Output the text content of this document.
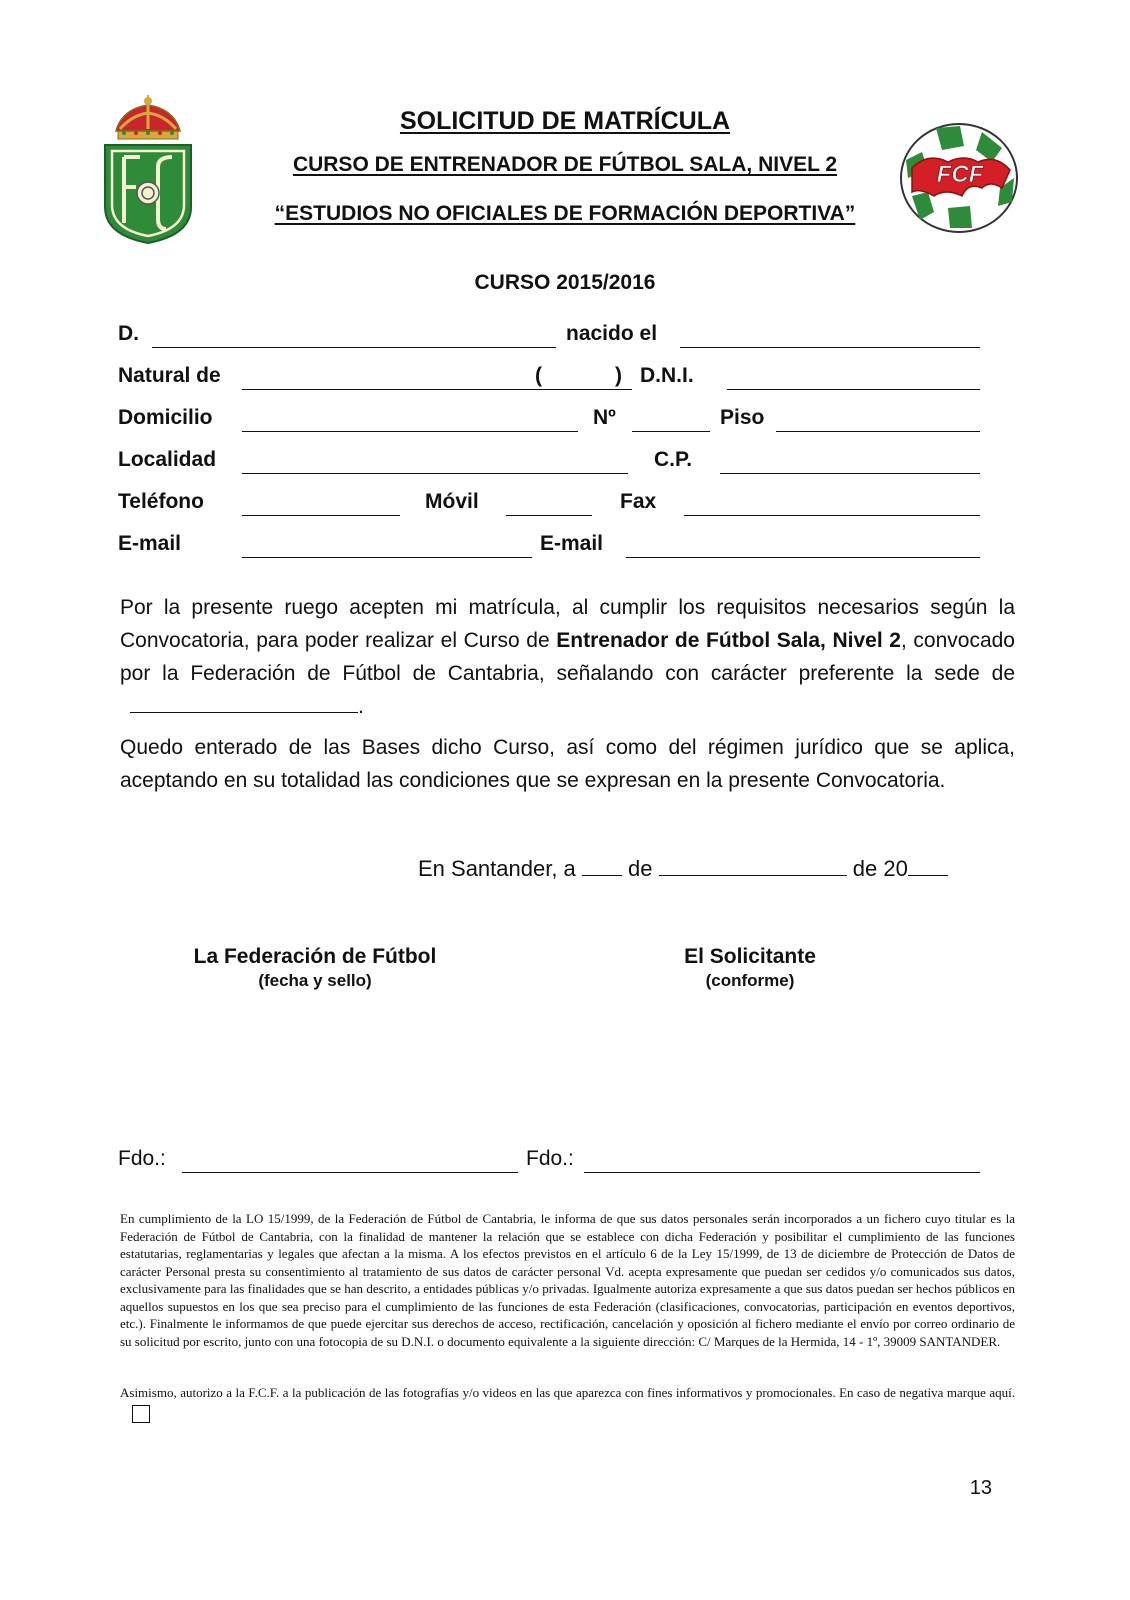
FCF
SOLICITUD DE MATRÍCULA
CURSO DE ENTRENADOR DE FÚTBOL SALA, NIVEL 2
“ESTUDIOS NO OFICIALES DE FORMACIÓN DEPORTIVA”
CURSO 2015/2016
D.	nacido el
Natural de	(	) D.N.I.
Domicilio	Nº	Piso
Localidad	C.P.
Teléfono	Móvil	Fax
E-mail	E-mail
Por la presente ruego acepten mi matrícula, al cumplir los requisitos necesarios según la Convocatoria, para poder realizar el Curso de Entrenador de Fútbol Sala, Nivel 2, convocado por la Federación de Fútbol de Cantabria, señalando con carácter preferente la sede de.
Quedo enterado de las Bases dicho Curso, así como del régimen jurídico que se aplica, aceptando en su totalidad las condiciones que se expresan en la presente Convocatoria.
En Santander, a de	de 20
La Federación de Fútbol
(fecha y sello)
El Solicitante
(conforme)
Fdo.:	Fdo.:
En cumplimiento de la LO 15/1999, de la Federación de Fútbol de Cantabria, le informa de que sus datos personales serán incorporados a un fichero cuyo titular es la Federación de Fútbol de Cantabria, con la finalidad de mantener la relación que se establece con dicha Federación y posibilitar el cumplimiento de las funciones estatutarias, reglamentarias y legales que afectan a la misma. A los efectos previstos en el artículo 6 de la Ley 15/1999, de 13 de diciembre de Protección de Datos de carácter Personal presta su consentimiento al tratamiento de sus datos de carácter personal Vd. acepta expresamente que puedan ser cedidos y/o comunicados sus datos, exclusivamente para las finalidades que se han descrito, a entidades públicas y/o privadas. Igualmente autoriza expresamente a que sus datos puedan ser hechos públicos en aquellos supuestos en los que sea preciso para el cumplimiento de las funciones de esta Federación (clasificaciones, convocatorias, participación en eventos deportivos, etc.). Finalmente le informamos de que puede ejercitar sus derechos de acceso, rectificación, cancelación y oposición al fichero mediante el envío por correo ordinario de su solicitud por escrito, junto con una fotocopia de su D.N.I. o documento equivalente a la siguiente dirección: C/ Marques de la Hermida, 14 - 1º, 39009 SANTANDER.
Asimismo, autorizo a la F.C.F. a la publicación de las fotografías y/o videos en las que aparezca con fines informativos y promocionales. En caso de negativa marque aquí.
13
